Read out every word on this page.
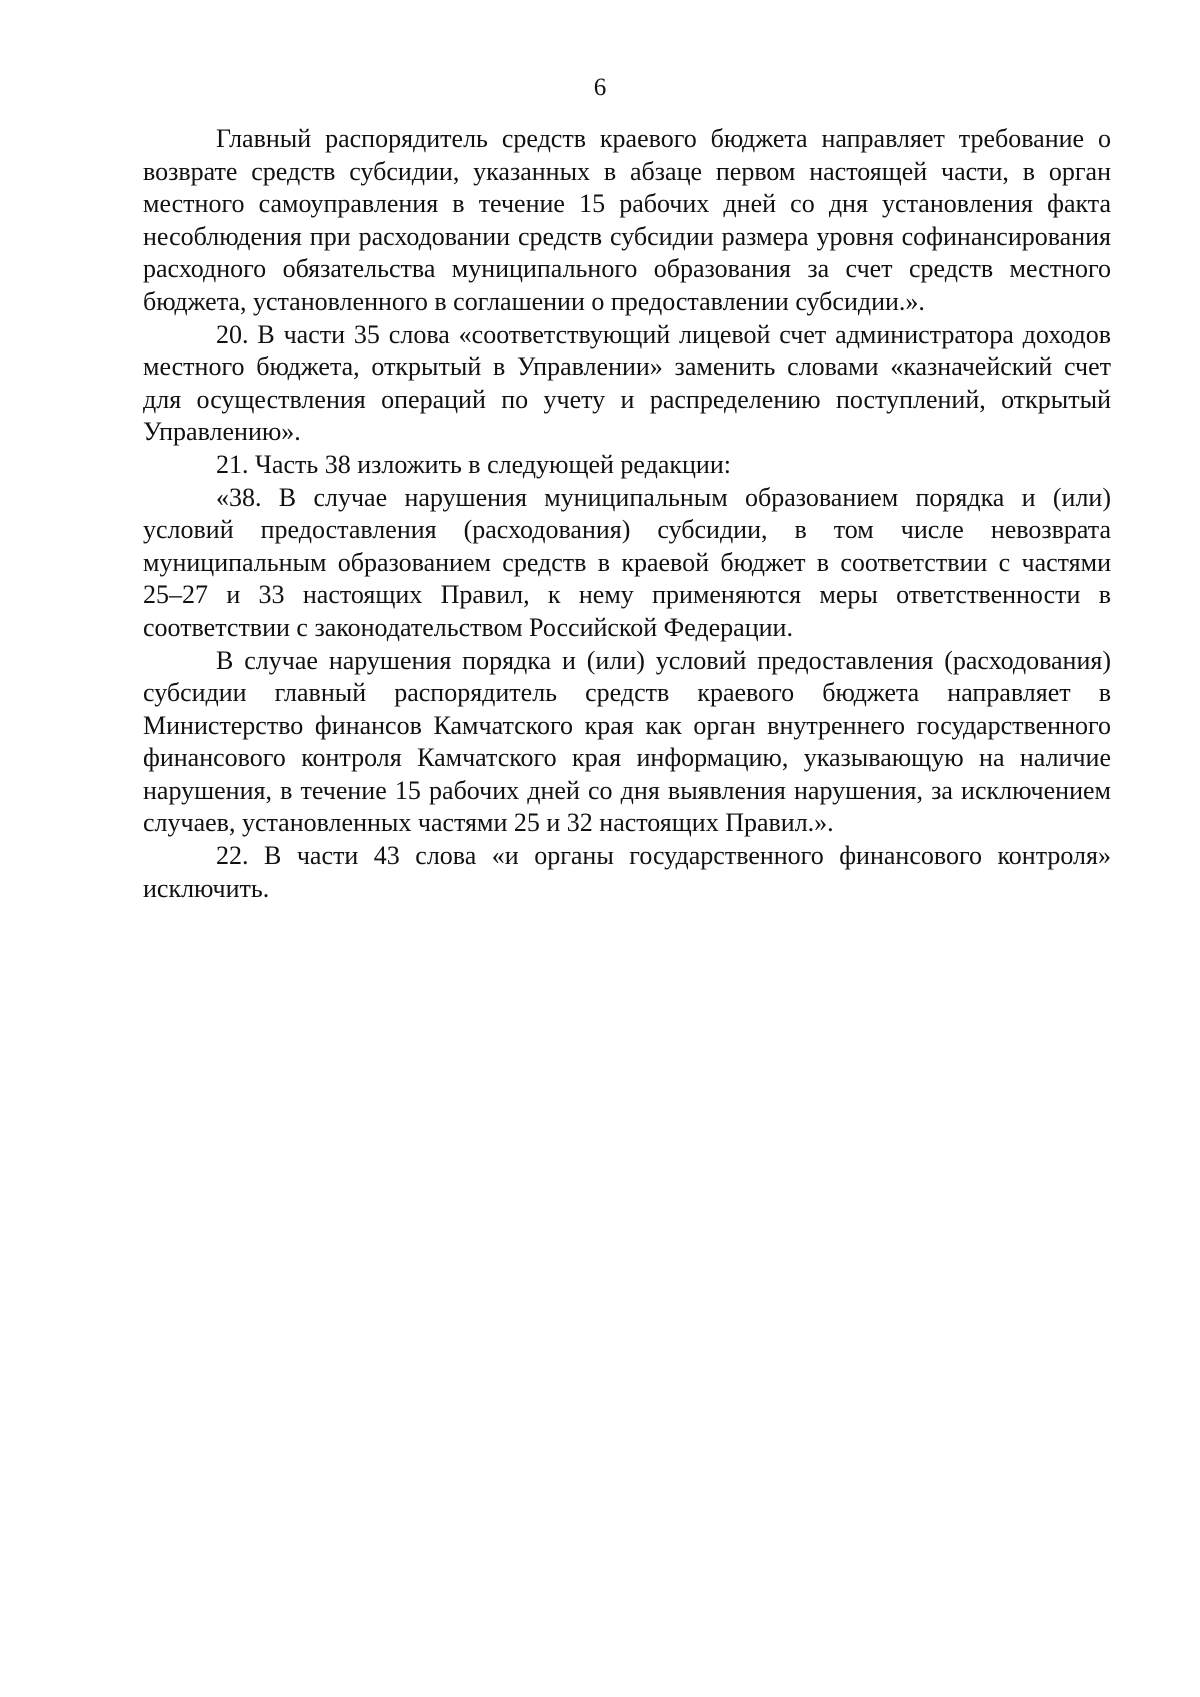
6

Главный распорядитель средств краевого бюджета направляет требование о возврате средств субсидии, указанных в абзаце первом настоящей части, в орган местного самоуправления в течение 15 рабочих дней со дня установления факта несоблюдения при расходовании средств субсидии размера уровня софинансирования расходного обязательства муниципального образования за счет средств местного бюджета, установленного в соглашении о предоставлении субсидии.».

20. В части 35 слова «соответствующий лицевой счет администратора доходов местного бюджета, открытый в Управлении» заменить словами «казначейский счет для осуществления операций по учету и распределению поступлений, открытый Управлению».

21. Часть 38 изложить в следующей редакции:

«38. В случае нарушения муниципальным образованием порядка и (или) условий предоставления (расходования) субсидии, в том числе невозврата муниципальным образованием средств в краевой бюджет в соответствии с частями 25–27 и 33 настоящих Правил, к нему применяются меры ответственности в соответствии с законодательством Российской Федерации.

В случае нарушения порядка и (или) условий предоставления (расходования) субсидии главный распорядитель средств краевого бюджета направляет в Министерство финансов Камчатского края как орган внутреннего государственного финансового контроля Камчатского края информацию, указывающую на наличие нарушения, в течение 15 рабочих дней со дня выявления нарушения, за исключением случаев, установленных частями 25 и 32 настоящих Правил.».

22. В части 43 слова «и органы государственного финансового контроля» исключить.
